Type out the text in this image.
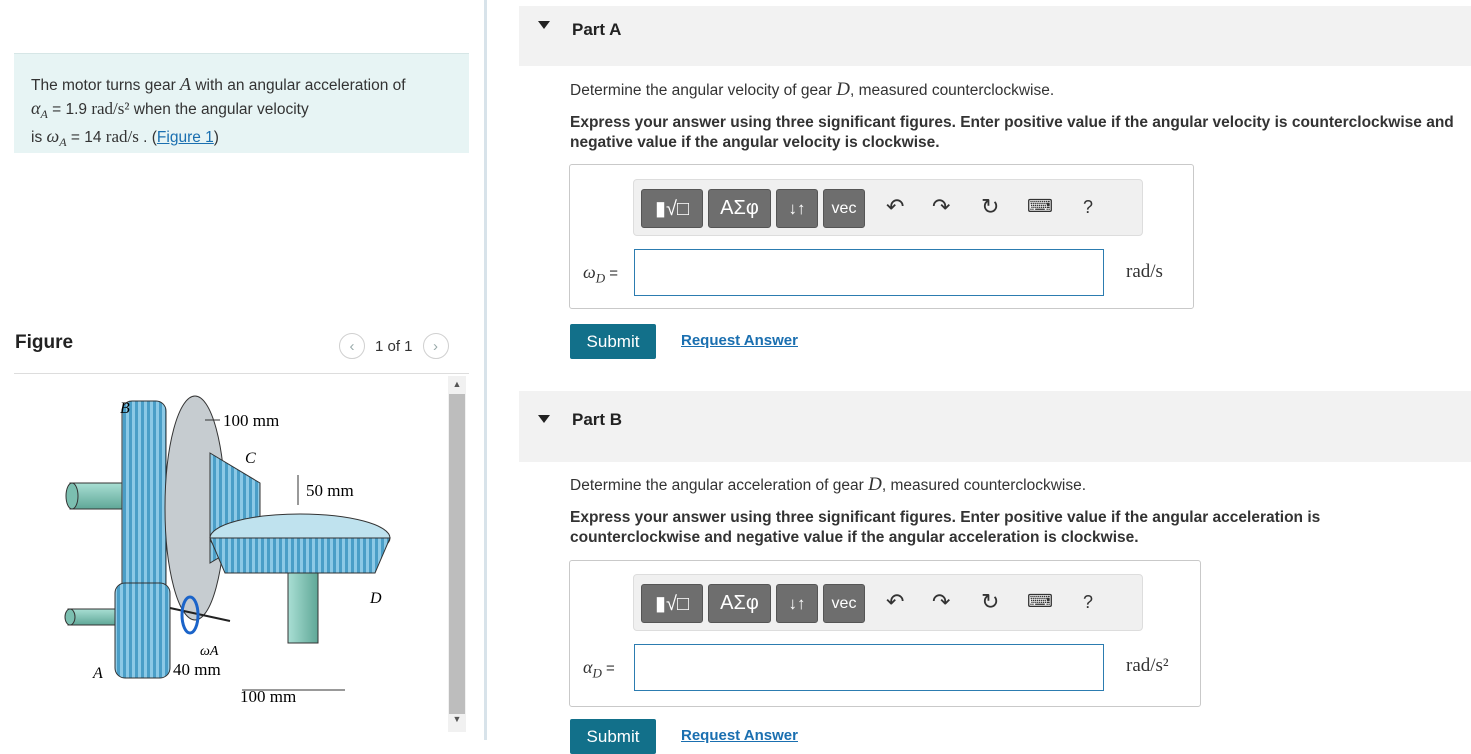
The motor turns gear A with an angular acceleration of
$\alpha_A = 1.9$ rad/s² when the angular velocity
is $\omega_A = 14$ rad/s . (Figure 1)
Figure	‹ 1 of 1 ›
B
100 mm
C
50 mm
D
ωA
A	40 mm
100 mm
▲
▼
Part A
Determine the angular velocity of gear D, measured counterclockwise.
Express your answer using three significant figures. Enter positive value if the angular velocity is counterclockwise and negative value if the angular velocity is clockwise.
▮√□ ΑΣφ ↓↑ vec ↶ ↷ ↻ ⌨ ?
$\omega_D$ =	rad/s
Submit	Request Answer
Part B
Determine the angular acceleration of gear D, measured counterclockwise.
Express your answer using three significant figures. Enter positive value if the angular acceleration is counterclockwise and negative value if the angular acceleration is clockwise.
▮√□ ΑΣφ ↓↑ vec ↶ ↷ ↻ ⌨ ?
$\alpha_D$ =	rad/s²
Submit	Request Answer
